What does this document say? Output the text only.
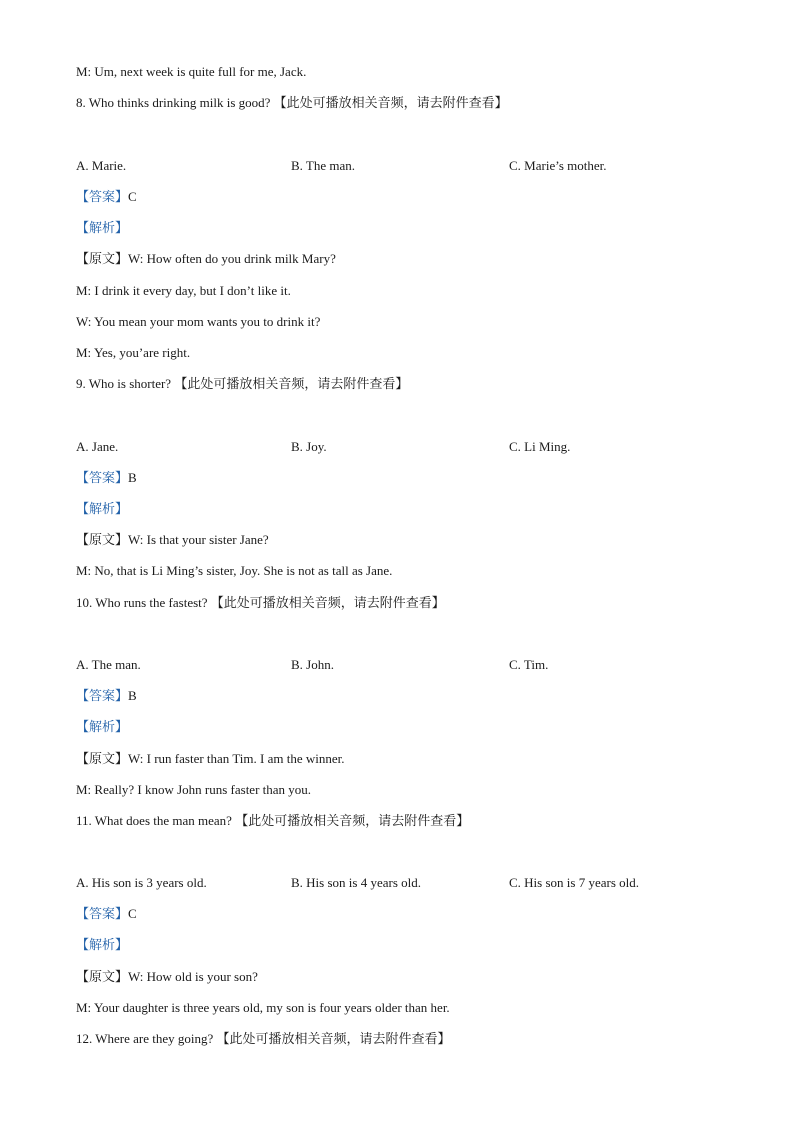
M: Um, next week is quite full for me, Jack.
8. Who thinks drinking milk is good? 【此处可播放相关音频，请去附件查看】
A. Marie.	B. The man.	C. Marie’s mother.
【答案】C
【解析】
【原文】W: How often do you drink milk Mary?
M: I drink it every day, but I don’t like it.
W: You mean your mom wants you to drink it?
M: Yes, you’are right.
9. Who is shorter? 【此处可播放相关音频，请去附件查看】
A. Jane.	B. Joy.	C. Li Ming.
【答案】B
【解析】
【原文】W: Is that your sister Jane?
M: No, that is Li Ming’s sister, Joy. She is not as tall as Jane.
10. Who runs the fastest? 【此处可播放相关音频，请去附件查看】
A. The man.	B. John.	C. Tim.
【答案】B
【解析】
【原文】W: I run faster than Tim. I am the winner.
M: Really? I know John runs faster than you.
11. What does the man mean? 【此处可播放相关音频，请去附件查看】
A. His son is 3 years old.	B. His son is 4 years old.	C. His son is 7 years old.
【答案】C
【解析】
【原文】W: How old is your son?
M: Your daughter is three years old, my son is four years older than her.
12. Where are they going? 【此处可播放相关音频，请去附件查看】
